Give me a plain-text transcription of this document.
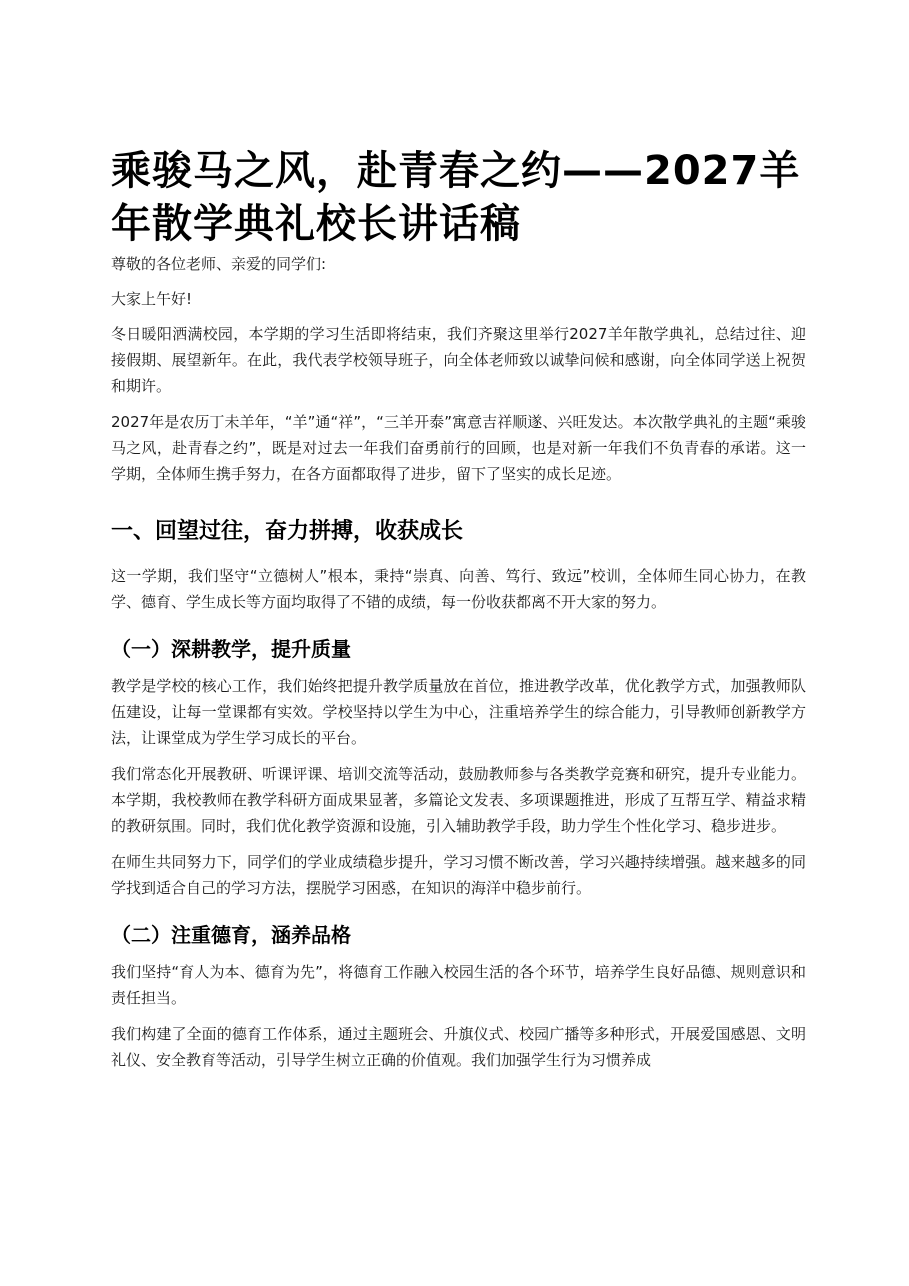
乘骏马之风，赴青春之约——2027羊年散学典礼校长讲话稿

尊敬的各位老师、亲爱的同学们:

大家上午好!

冬日暖阳洒满校园，本学期的学习生活即将结束，我们齐聚这里举行2027羊年散学典礼，总结过往、迎接假期、展望新年。在此，我代表学校领导班子，向全体老师致以诚挚问候和感谢，向全体同学送上祝贺和期许。

2027年是农历丁未羊年，“羊”通“祥”，“三羊开泰”寓意吉祥顺遂、兴旺发达。本次散学典礼的主题“乘骏马之风，赴青春之约”，既是对过去一年我们奋勇前行的回顾，也是对新一年我们不负青春的承诺。这一学期，全体师生携手努力，在各方面都取得了进步，留下了坚实的成长足迹。

一、回望过往，奋力拼搏，收获成长

这一学期，我们坚守“立德树人”根本，秉持“崇真、向善、笃行、致远”校训，全体师生同心协力，在教学、德育、学生成长等方面均取得了不错的成绩，每一份收获都离不开大家的努力。

（一）深耕教学，提升质量

教学是学校的核心工作，我们始终把提升教学质量放在首位，推进教学改革，优化教学方式，加强教师队伍建设，让每一堂课都有实效。学校坚持以学生为中心，注重培养学生的综合能力，引导教师创新教学方法，让课堂成为学生学习成长的平台。

我们常态化开展教研、听课评课、培训交流等活动，鼓励教师参与各类教学竞赛和研究，提升专业能力。本学期，我校教师在教学科研方面成果显著，多篇论文发表、多项课题推进，形成了互帮互学、精益求精的教研氛围。同时，我们优化教学资源和设施，引入辅助教学手段，助力学生个性化学习、稳步进步。

在师生共同努力下，同学们的学业成绩稳步提升，学习习惯不断改善，学习兴趣持续增强。越来越多的同学找到适合自己的学习方法，摆脱学习困惑，在知识的海洋中稳步前行。

（二）注重德育，涵养品格

我们坚持“育人为本、德育为先”，将德育工作融入校园生活的各个环节，培养学生良好品德、规则意识和责任担当。

我们构建了全面的德育工作体系，通过主题班会、升旗仪式、校园广播等多种形式，开展爱国感恩、文明礼仪、安全教育等活动，引导学生树立正确的价值观。我们加强学生行为习惯养成
